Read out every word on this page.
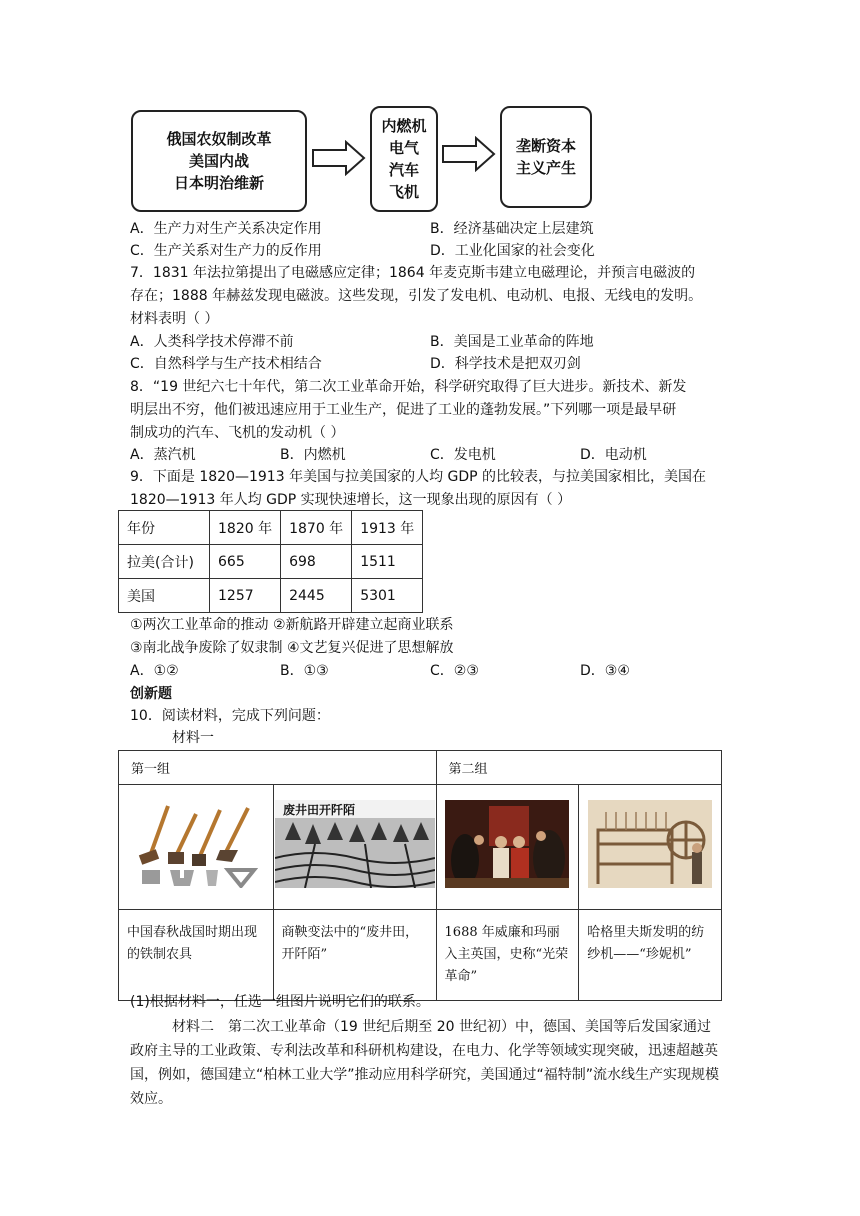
俄国农奴制改革
美国内战
日本明治维新
内燃机
电气
汽车
飞机
垄断资本
主义产生
A．生产力对生产关系决定作用	B．经济基础决定上层建筑
C．生产关系对生产力的反作用	D．工业化国家的社会变化
7．1831 年法拉第提出了电磁感应定律；1864 年麦克斯韦建立电磁理论，并预言电磁波的
存在；1888 年赫兹发现电磁波。这些发现，引发了发电机、电动机、电报、无线电的发明。
材料表明（ ）
A．人类科学技术停滞不前	B．美国是工业革命的阵地
C．自然科学与生产技术相结合	D．科学技术是把双刃剑
8．“19 世纪六七十年代，第二次工业革命开始，科学研究取得了巨大进步。新技术、新发
明层出不穷，他们被迅速应用于工业生产，促进了工业的蓬勃发展。”下列哪一项是最早研
制成功的汽车、飞机的发动机（ ）
A．蒸汽机	B．内燃机	C．发电机	D．电动机
9．下面是 1820—1913 年美国与拉美国家的人均 GDP 的比较表，与拉美国家相比，美国在
1820—1913 年人均 GDP 实现快速增长，这一现象出现的原因有（ ）
年份	1820 年	1870 年	1913 年
拉美(合计)	665	698	1511
美国	1257	2445	5301
①两次工业革命的推动 ②新航路开辟建立起商业联系
③南北战争废除了奴隶制 ④文艺复兴促进了思想解放
A．①②	B．①③	C．②③	D．③④
创新题
10．阅读材料，完成下列问题：
材料一
第一组		第二组	

废井田开阡陌

中国春秋战国时期出现的铁制农具	商鞅变法中的“废井田，开阡陌”	1688 年威廉和玛丽入主英国，史称“光荣革命”	哈格里夫斯发明的纺纱机——“珍妮机”
(1)根据材料一，任选一组图片说明它们的联系。
材料二　第二次工业革命（19 世纪后期至 20 世纪初）中，德国、美国等后发国家通过政府主导的工业政策、专利法改革和科研机构建设，在电力、化学等领域实现突破，迅速超越英国，例如，德国建立“柏林工业大学”推动应用科学研究，美国通过“福特制”流水线生产实现规模效应。
